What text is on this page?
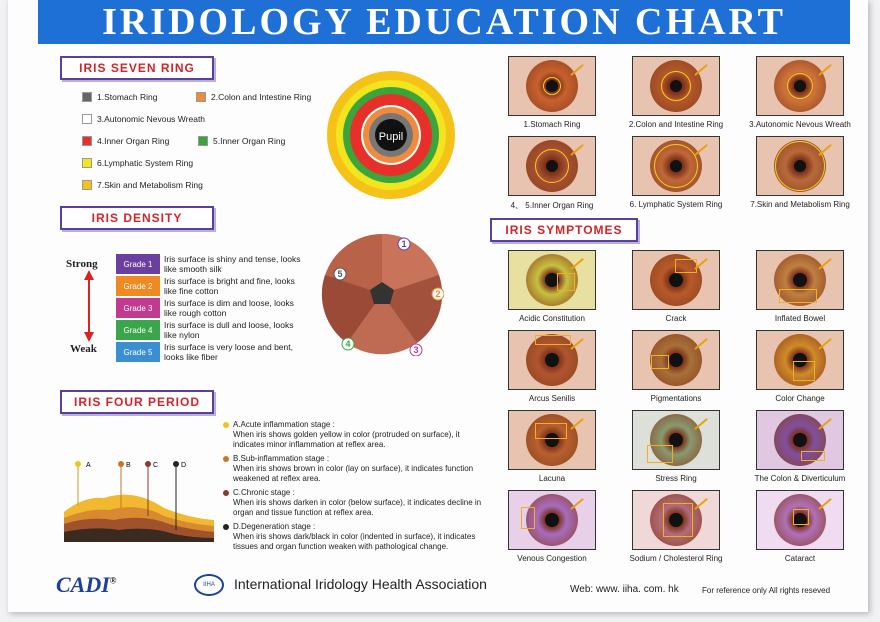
IRIDOLOGY EDUCATION CHART
IRIS SEVEN RING
1.Stomach Ring	2.Colon and Intestine Ring
3.Autonomic Nevous Wreath
4.Inner Organ Ring	5.Inner Organ Ring
6.Lymphatic System Ring
7.Skin and Metabolism Ring
Pupil
IRIS DENSITY
Strong
Weak
Grade 1	Iris surface is shiny and tense, looks like smooth silk
Grade 2	Iris surface is bright and fine, looks like fine cotton
Grade 3	Iris surface is dim and loose, looks like rough cotton
Grade 4	Iris surface is dull and loose, looks like nylon
Grade 5	Iris surface is very loose and bent, looks like fiber
1
2
3
4
5
IRIS FOUR PERIOD
A	B	C	D
A.Acute inflammation stage :
When iris shows golden yellow in color (protruded on surface), it indicates minor inflammation at reflex area.
B.Sub-inflammation stage :
When iris shows brown in color (lay on surface), it indicates function weakened at reflex area.
C.Chronic stage :
When iris shows darken in color (below surface), it indicates decline in organ and tissue function at reflex area.
D.Degeneration stage :
When iris shows dark/black in color (indented in surface), it indicates tissues and organ function weaken with pathological change.
1.Stomach Ring	2.Colon and Intestine Ring	3.Autonomic Nevous Wreath
4、 5.Inner Organ Ring	6. Lymphatic System Ring	7.Skin and Metabolism Ring
IRIS SYMPTOMES
Acidic Constitution	Crack	Inflated Bowel
Arcus Senilis	Pigmentations	Color Change
Lacuna	Stress Ring	The Colon & Diverticulum
Venous Congestion	Sodium / Cholesterol Ring	Cataract
CADI®	IIHA International Iridology Health Association	Web: www. iiha. com. hk	For reference only All rights reseved
